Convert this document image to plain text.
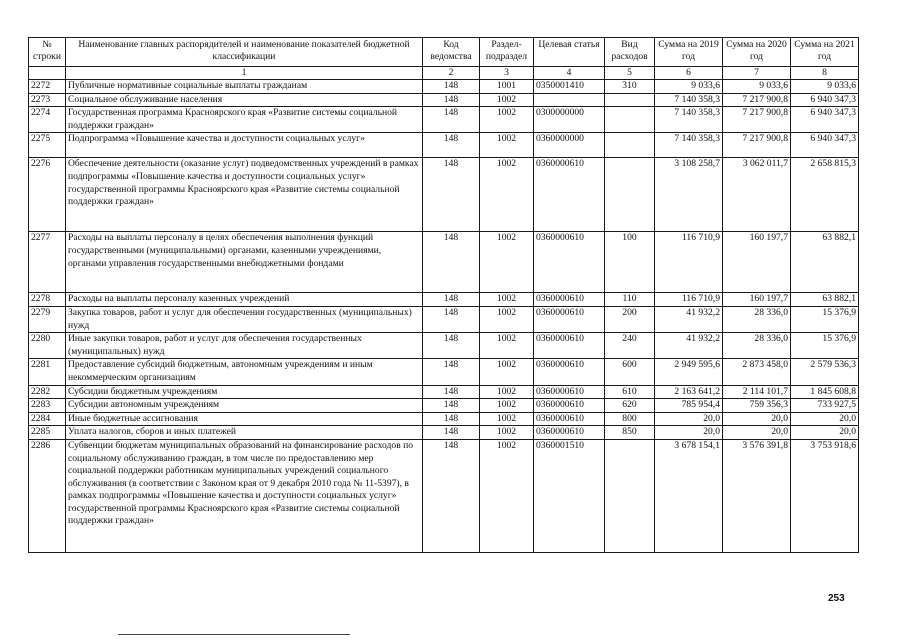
№ строки	Наименование главных распорядителей и наименование показателей бюджетной классификации	Код ведомства	Раздел-подраздел	Целевая статья	Вид расходов	Сумма на 2019 год	Сумма на 2020 год	Сумма на 2021 год
	1	2	3	4	5	6	7	8
2272	Публичные нормативные социальные выплаты гражданам	148	1001	0350001410	310	9 033,6	9 033,6	9 033,6
2273	Социальное обслуживание населения	148	1002			7 140 358,3	7 217 900,8	6 940 347,3
2274	Государственная программа Красноярского края «Развитие системы социальной поддержки граждан»	148	1002	0300000000		7 140 358,3	7 217 900,8	6 940 347,3
2275	Подпрограмма «Повышение качества и доступности социальных услуг»	148	1002	0360000000		7 140 358,3	7 217 900,8	6 940 347,3
2276	Обеспечение деятельности (оказание услуг) подведомственных учреждений в рамках подпрограммы «Повышение качества и доступности социальных услуг» государственной программы Красноярского края «Развитие системы социальной поддержки граждан»	148	1002	0360000610		3 108 258,7	3 062 011,7	2 658 815,3
2277	Расходы на выплаты персоналу в целях обеспечения выполнения функций государственными (муниципальными) органами, казенными учреждениями, органами управления государственными внебюджетными фондами	148	1002	0360000610	100	116 710,9	160 197,7	63 882,1
2278	Расходы на выплаты персоналу казенных учреждений	148	1002	0360000610	110	116 710,9	160 197,7	63 882,1
2279	Закупка товаров, работ и услуг для обеспечения государственных (муниципальных) нужд	148	1002	0360000610	200	41 932,2	28 336,0	15 376,9
2280	Иные закупки товаров, работ и услуг для обеспечения государственных (муниципальных) нужд	148	1002	0360000610	240	41 932,2	28 336,0	15 376,9
2281	Предоставление субсидий бюджетным, автономным учреждениям и иным некоммерческим организациям	148	1002	0360000610	600	2 949 595,6	2 873 458,0	2 579 536,3
2282	Субсидии бюджетным учреждениям	148	1002	0360000610	610	2 163 641,2	2 114 101,7	1 845 608,8
2283	Субсидии автономным учреждениям	148	1002	0360000610	620	785 954,4	759 356,3	733 927,5
2284	Иные бюджетные ассигнования	148	1002	0360000610	800	20,0	20,0	20,0
2285	Уплата налогов, сборов и иных платежей	148	1002	0360000610	850	20,0	20,0	20,0
2286	Субвенции бюджетам муниципальных образований на финансирование расходов по социальному обслуживанию граждан, в том числе по предоставлению мер социальной поддержки работникам муниципальных учреждений социального обслуживания (в соответствии с Законом края от 9 декабря 2010 года № 11-5397), в рамках подпрограммы «Повышение качества и доступности социальных услуг» государственной программы Красноярского края «Развитие системы социальной поддержки граждан»	148	1002	0360001510		3 678 154,1	3 576 391,8	3 753 918,6
253
